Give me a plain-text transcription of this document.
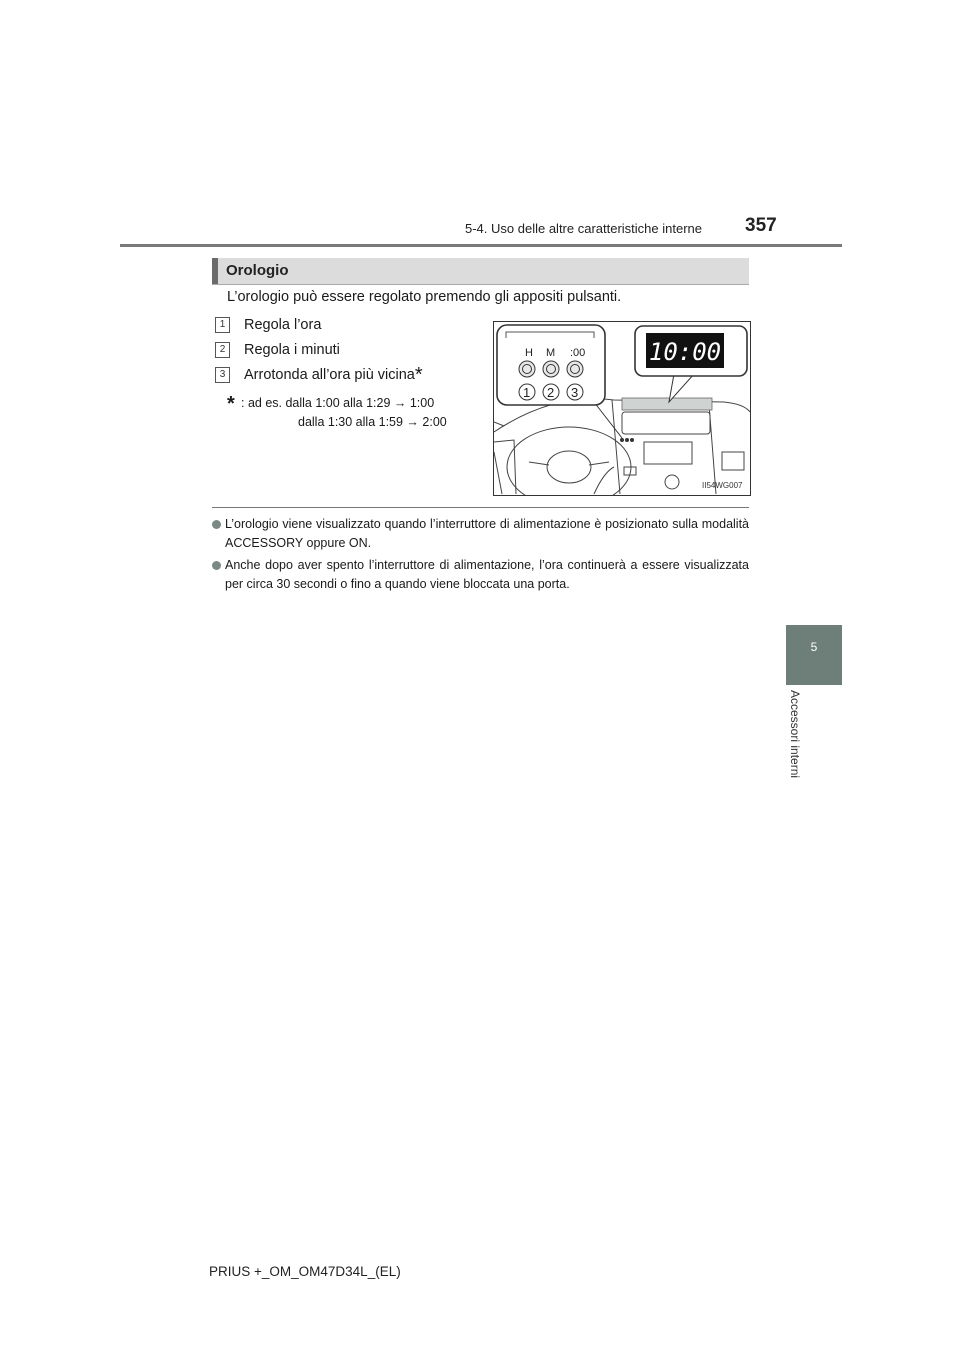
5-4. Uso delle altre caratteristiche interne 357
5
Accessori interni
Orologio
L’orologio può essere regolato premendo gli appositi pulsanti.
1	Regola l’ora
2	Regola i minuti
3	Arrotonda all’ora più vicina *
* : ad es. dalla 1:00 alla 1:29 → 1:00
dalla 1:30 alla 1:59 → 2:00
H M :00
1 2 3
10:00
II54WG007
L’orologio viene visualizzato quando l’interruttore di alimentazione è posizionato sulla modalità ACCESSORY oppure ON.
Anche dopo aver spento l’interruttore di alimentazione, l’ora continuerà a essere visualizzata per circa 30 secondi o fino a quando viene bloccata una porta.
PRIUS +_OM_OM47D34L_(EL)
